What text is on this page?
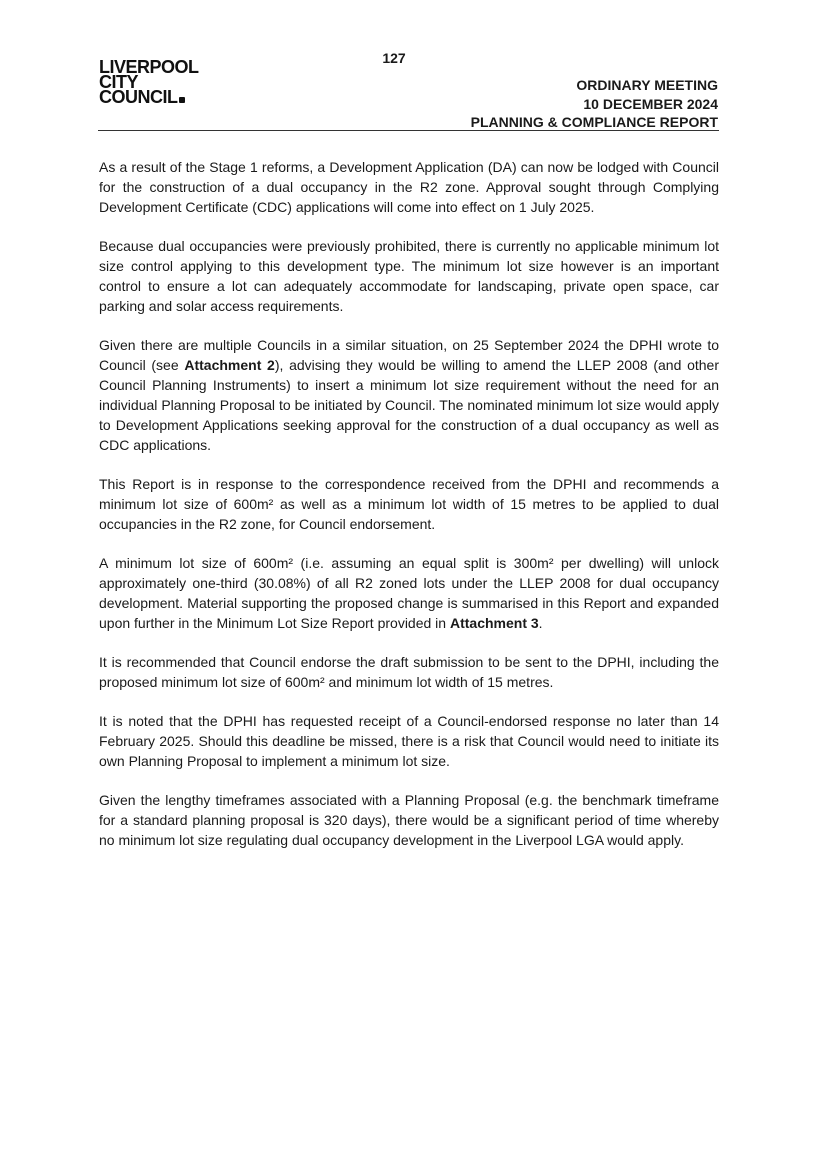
127
LIVERPOOL
CITY
COUNCIL
ORDINARY MEETING
10 DECEMBER 2024
PLANNING & COMPLIANCE REPORT

As a result of the Stage 1 reforms, a Development Application (DA) can now be lodged with Council for the construction of a dual occupancy in the R2 zone. Approval sought through Complying Development Certificate (CDC) applications will come into effect on 1 July 2025.

Because dual occupancies were previously prohibited, there is currently no applicable minimum lot size control applying to this development type. The minimum lot size however is an important control to ensure a lot can adequately accommodate for landscaping, private open space, car parking and solar access requirements.

Given there are multiple Councils in a similar situation, on 25 September 2024 the DPHI wrote to Council (see Attachment 2), advising they would be willing to amend the LLEP 2008 (and other Council Planning Instruments) to insert a minimum lot size requirement without the need for an individual Planning Proposal to be initiated by Council. The nominated minimum lot size would apply to Development Applications seeking approval for the construction of a dual occupancy as well as CDC applications.

This Report is in response to the correspondence received from the DPHI and recommends a minimum lot size of 600m² as well as a minimum lot width of 15 metres to be applied to dual occupancies in the R2 zone, for Council endorsement.

A minimum lot size of 600m² (i.e. assuming an equal split is 300m² per dwelling) will unlock approximately one-third (30.08%) of all R2 zoned lots under the LLEP 2008 for dual occupancy development. Material supporting the proposed change is summarised in this Report and expanded upon further in the Minimum Lot Size Report provided in Attachment 3.

It is recommended that Council endorse the draft submission to be sent to the DPHI, including the proposed minimum lot size of 600m² and minimum lot width of 15 metres.

It is noted that the DPHI has requested receipt of a Council-endorsed response no later than 14 February 2025. Should this deadline be missed, there is a risk that Council would need to initiate its own Planning Proposal to implement a minimum lot size.

Given the lengthy timeframes associated with a Planning Proposal (e.g. the benchmark timeframe for a standard planning proposal is 320 days), there would be a significant period of time whereby no minimum lot size regulating dual occupancy development in the Liverpool LGA would apply.
